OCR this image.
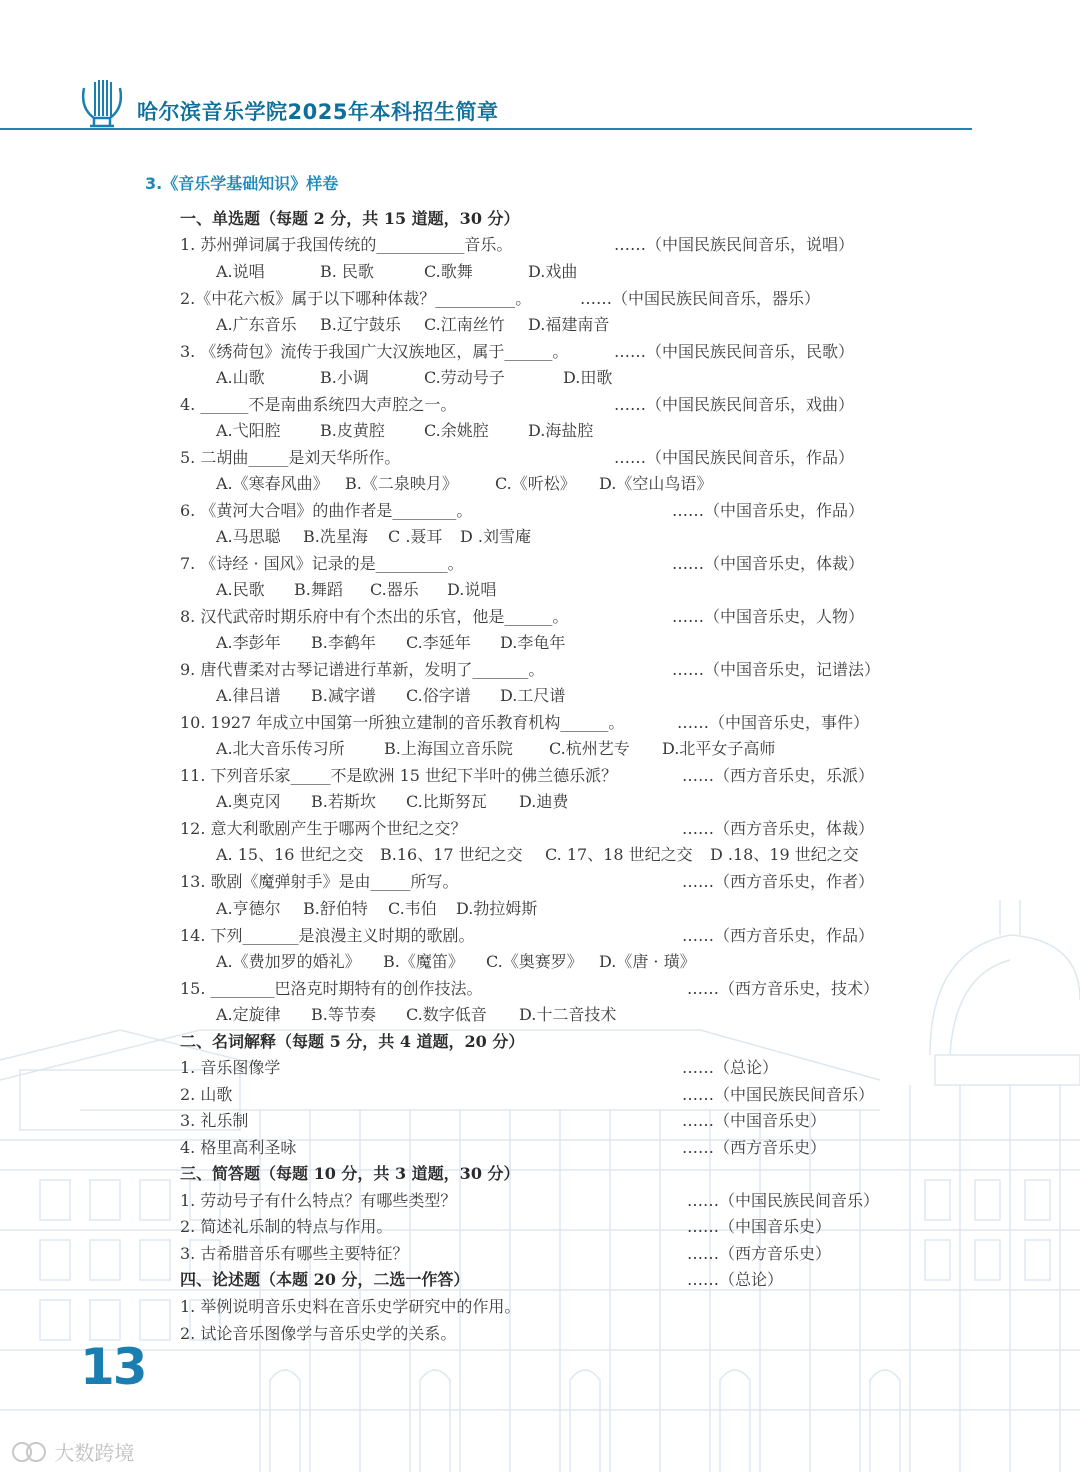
哈尔滨音乐学院2025年本科招生简章
3.《音乐学基础知识》样卷
一、单选题（每题 2 分，共 15 道题，30 分）
1. 苏州弹词属于我国传统的___________音乐。	……（中国民族民间音乐，说唱）
A.说唱	B. 民歌	C.歌舞	D.戏曲
2.《中花六板》属于以下哪种体裁？__________。	……（中国民族民间音乐，器乐）
A.广东音乐 B.辽宁鼓乐 C.江南丝竹 D.福建南音
3. 《绣荷包》流传于我国广大汉族地区，属于______。	……（中国民族民间音乐，民歌）
A.山歌	B.小调	C.劳动号子	D.田歌
4. ______不是南曲系统四大声腔之一。	……（中国民族民间音乐，戏曲）
A.弋阳腔 B.皮黄腔 C.余姚腔 D.海盐腔
5. 二胡曲_____是刘天华所作。	……（中国民族民间音乐，作品）
A.《寒春风曲》 B.《二泉映月》 C.《听松》 D.《空山鸟语》
6. 《黄河大合唱》的曲作者是________。	……（中国音乐史，作品）
A.马思聪 B.冼星海 C .聂耳 D .刘雪庵
7. 《诗经 · 国风》记录的是_________。	……（中国音乐史，体裁）
A.民歌 B.舞蹈 C.器乐 D.说唱
8. 汉代武帝时期乐府中有个杰出的乐官，他是______。	……（中国音乐史，人物）
A.李彭年 B.李鹤年 C.李延年 D.李龟年
9. 唐代曹柔对古琴记谱进行革新，发明了_______。	……（中国音乐史，记谱法）
A.律吕谱 B.减字谱 C.俗字谱 D.工尺谱
10. 1927 年成立中国第一所独立建制的音乐教育机构______。	……（中国音乐史，事件）
A.北大音乐传习所 B.上海国立音乐院 C.杭州艺专 D.北平女子高师
11. 下列音乐家_____不是欧洲 15 世纪下半叶的佛兰德乐派？	……（西方音乐史，乐派）
A.奥克冈 B.若斯坎 C.比斯努瓦 D.迪费
12. 意大利歌剧产生于哪两个世纪之交？	……（西方音乐史，体裁）
A. 15、16 世纪之交 B.16、17 世纪之交 C. 17、18 世纪之交 D .18、19 世纪之交
13. 歌剧《魔弹射手》是由_____所写。	……（西方音乐史，作者）
A.亨德尔 B.舒伯特 C.韦伯 D.勃拉姆斯
14. 下列_______是浪漫主义时期的歌剧。	……（西方音乐史，作品）
A.《费加罗的婚礼》 B.《魔笛》 C.《奥赛罗》 D.《唐 · 璜》
15. ________巴洛克时期特有的创作技法。	……（西方音乐史，技术）
A.定旋律 B.等节奏 C.数字低音 D.十二音技术
二、名词解释（每题 5 分，共 4 道题，20 分）
1. 音乐图像学	……（总论）
2. 山歌	……（中国民族民间音乐）
3. 礼乐制	……（中国音乐史）
4. 格里高利圣咏	……（西方音乐史）
三、简答题（每题 10 分，共 3 道题，30 分）
1. 劳动号子有什么特点？有哪些类型？	……（中国民族民间音乐）
2. 简述礼乐制的特点与作用。	……（中国音乐史）
3. 古希腊音乐有哪些主要特征？	……（西方音乐史）
四、论述题（本题 20 分，二选一作答）	……（总论）
1. 举例说明音乐史料在音乐史学研究中的作用。
2. 试论音乐图像学与音乐史学的关系。
13
大数跨境
